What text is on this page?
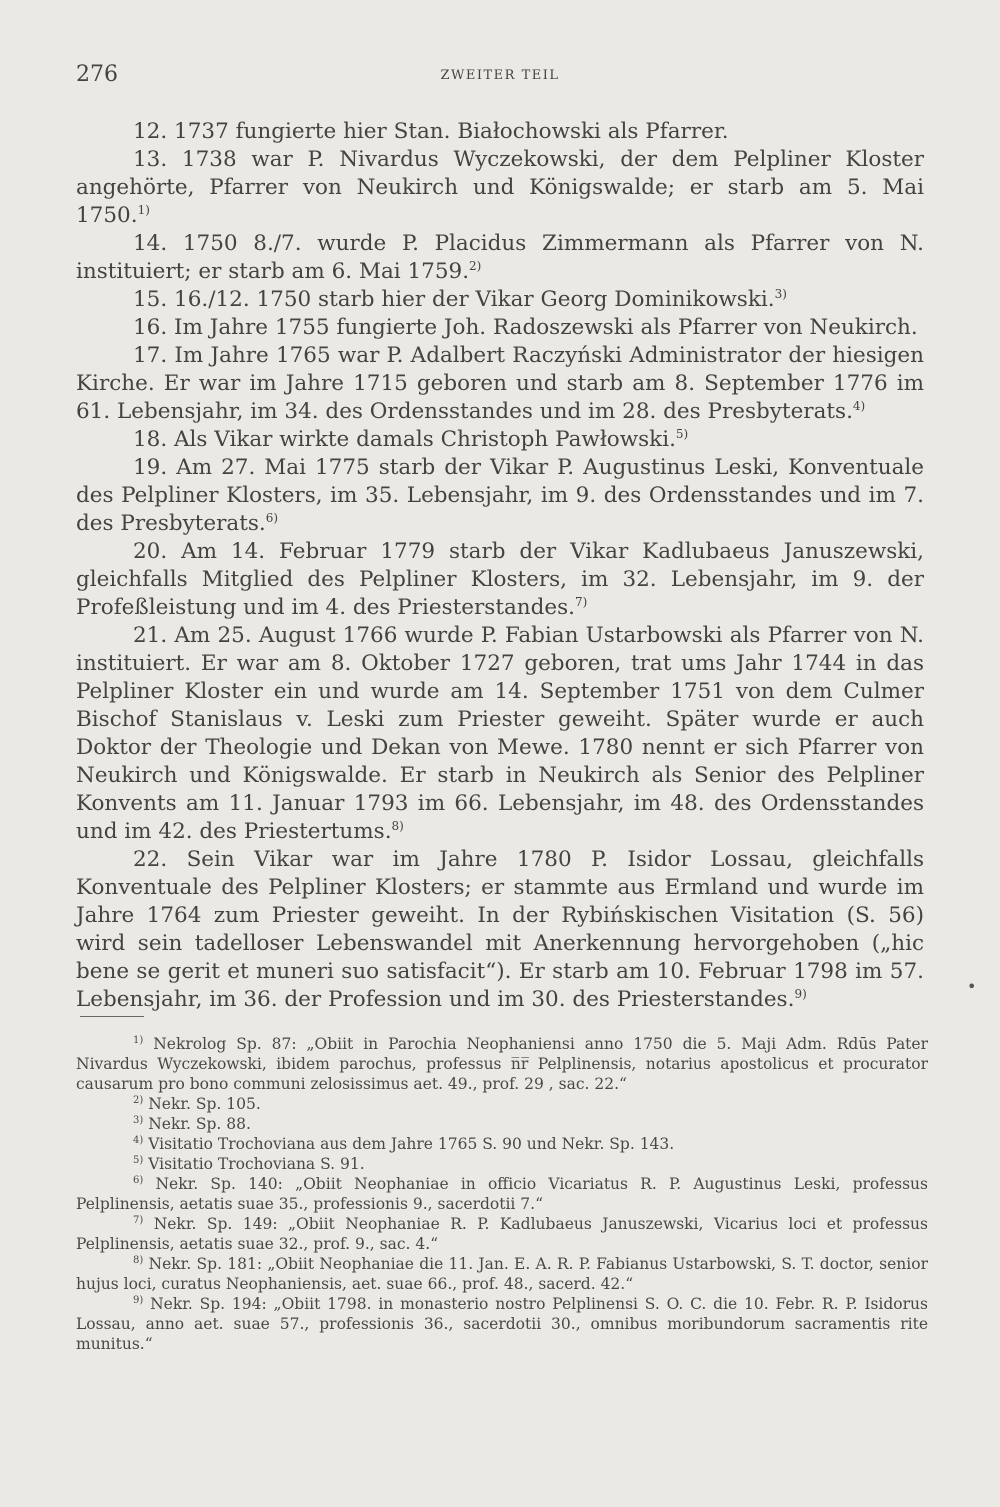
276	ZWEITER TEIL

12. 1737 fungierte hier Stan. Białochowski als Pfarrer.

13. 1738 war P. Nivardus Wyczekowski, der dem Pelpliner Kloster angehörte, Pfarrer von Neukirch und Königswalde; er starb am 5. Mai 1750.$^{1)}$

14. 1750 8./7. wurde P. Placidus Zimmermann als Pfarrer von N. instituiert; er starb am 6. Mai 1759.$^{2)}$

15. 16./12. 1750 starb hier der Vikar Georg Dominikowski.$^{3)}$

16. Im Jahre 1755 fungierte Joh. Radoszewski als Pfarrer von Neukirch.

17. Im Jahre 1765 war P. Adalbert Raczyński Administrator der hiesigen Kirche. Er war im Jahre 1715 geboren und starb am 8. September 1776 im 61. Lebensjahr, im 34. des Ordensstandes und im 28. des Presbyterats.$^{4)}$

18. Als Vikar wirkte damals Christoph Pawłowski.$^{5)}$

19. Am 27. Mai 1775 starb der Vikar P. Augustinus Leski, Konventuale des Pelpliner Klosters, im 35. Lebensjahr, im 9. des Ordensstandes und im 7. des Presbyterats.$^{6)}$

20. Am 14. Februar 1779 starb der Vikar Kadlubaeus Januszewski, gleichfalls Mitglied des Pelpliner Klosters, im 32. Lebensjahr, im 9. der Profeßleistung und im 4. des Priesterstandes.$^{7)}$

21. Am 25. August 1766 wurde P. Fabian Ustarbowski als Pfarrer von N. instituiert. Er war am 8. Oktober 1727 geboren, trat ums Jahr 1744 in das Pelpliner Kloster ein und wurde am 14. September 1751 von dem Culmer Bischof Stanislaus v. Leski zum Priester geweiht. Später wurde er auch Doktor der Theologie und Dekan von Mewe. 1780 nennt er sich Pfarrer von Neukirch und Königswalde. Er starb in Neukirch als Senior des Pelpliner Konvents am 11. Januar 1793 im 66. Lebensjahr, im 48. des Ordensstandes und im 42. des Priestertums.$^{8)}$

22. Sein Vikar war im Jahre 1780 P. Isidor Lossau, gleichfalls Konventuale des Pelpliner Klosters; er stammte aus Ermland und wurde im Jahre 1764 zum Priester geweiht. In der Rybińskischen Visitation (S. 56) wird sein tadelloser Lebenswandel mit Anerkennung hervorgehoben („hic bene se gerit et muneri suo satisfacit“). Er starb am 10. Februar 1798 im 57. Lebensjahr, im 36. der Profession und im 30. des Priesterstandes.$^{9)}$

$^{1)}$ Nekrolog Sp. 87: „Obiit in Parochia Neophaniensi anno 1750 die 5. Maji Adm. Rdūs Pater Nivardus Wyczekowski, ibidem parochus, professus n̅r̅ Pelplinensis, notarius apostolicus et procurator causarum pro bono communi zelosissimus aet. 49., prof. 29 , sac. 22.“

$^{2)}$ Nekr. Sp. 105.

$^{3)}$ Nekr. Sp. 88.

$^{4)}$ Visitatio Trochoviana aus dem Jahre 1765 S. 90 und Nekr. Sp. 143.

$^{5)}$ Visitatio Trochoviana S. 91.

$^{6)}$ Nekr. Sp. 140: „Obiit Neophaniae in officio Vicariatus R. P. Augustinus Leski, professus Pelplinensis, aetatis suae 35., professionis 9., sacerdotii 7.“

$^{7)}$ Nekr. Sp. 149: „Obiit Neophaniae R. P. Kadlubaeus Januszewski, Vicarius loci et professus Pelplinensis, aetatis suae 32., prof. 9., sac. 4.“

$^{8)}$ Nekr. Sp. 181: „Obiit Neophaniae die 11. Jan. E. A. R. P. Fabianus Ustarbowski, S. T. doctor, senior hujus loci, curatus Neophaniensis, aet. suae 66., prof. 48., sacerd. 42.“

$^{9)}$ Nekr. Sp. 194: „Obiit 1798. in monasterio nostro Pelplinensi S. O. C. die 10. Febr. R. P. Isidorus Lossau, anno aet. suae 57., professionis 36., sacerdotii 30., omnibus moribundorum sacramentis rite munitus.“

•
